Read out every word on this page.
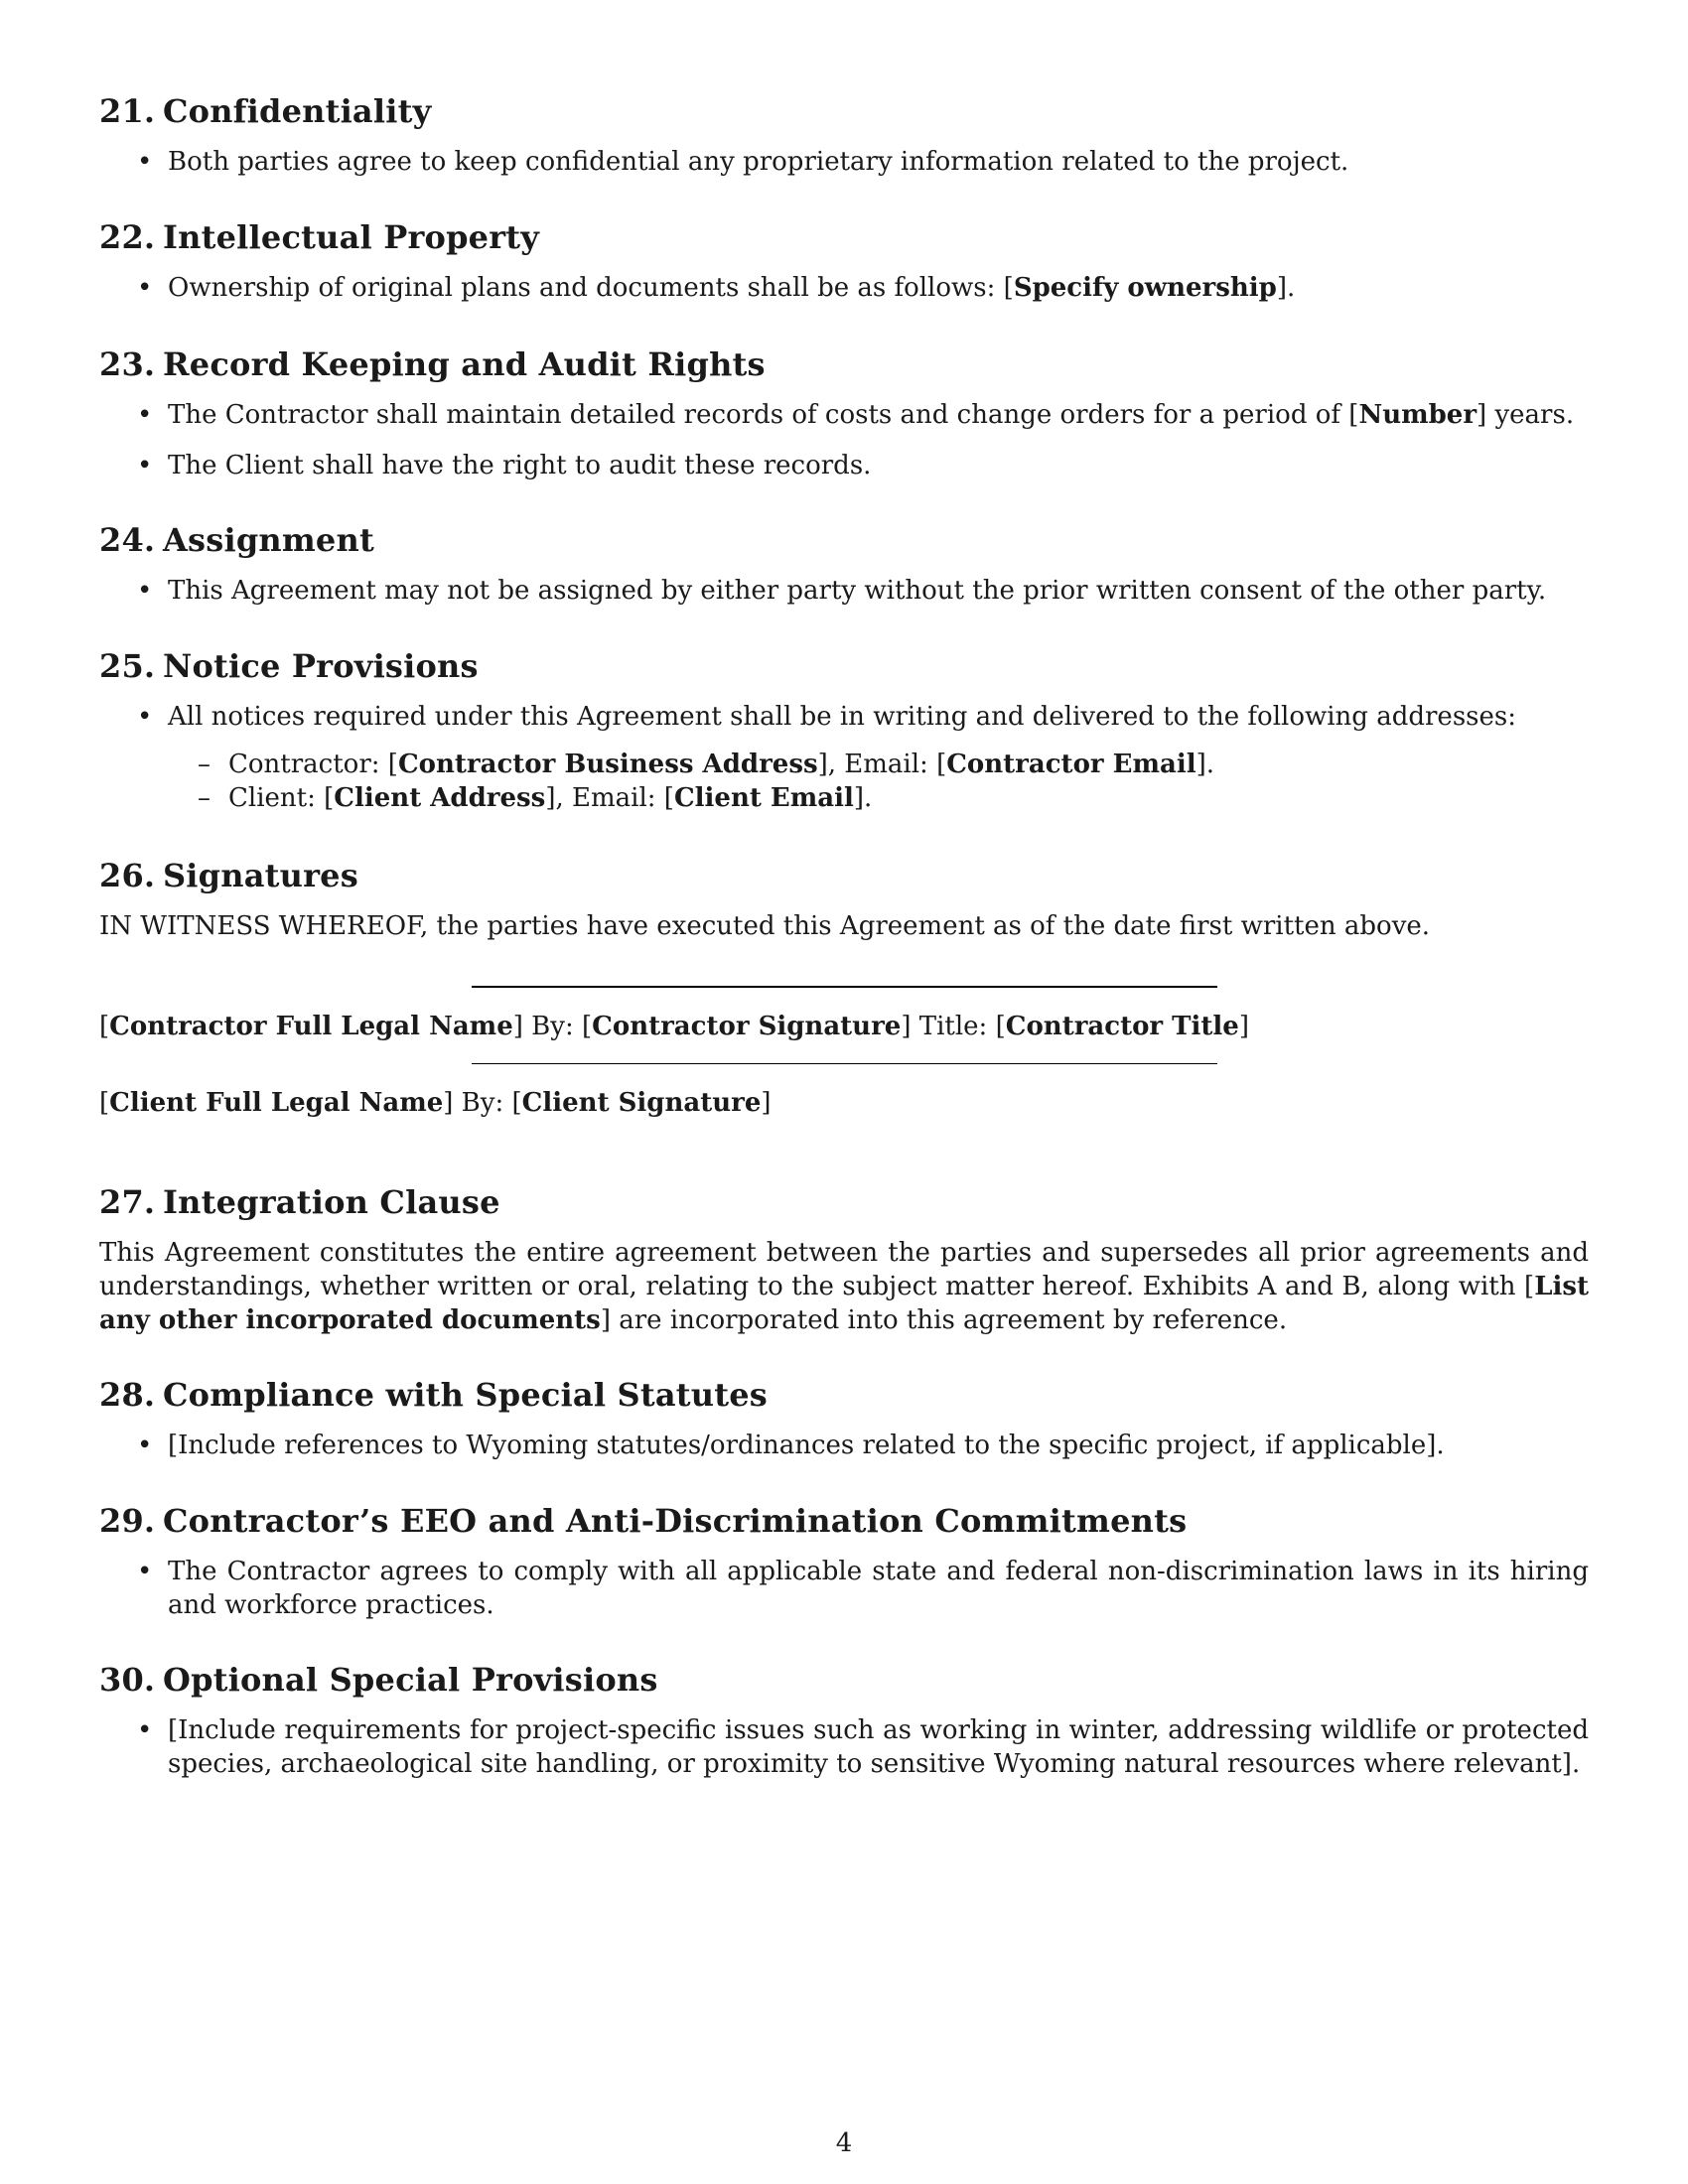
21. Confidentiality
• Both parties agree to keep confidential any proprietary information related to the project.
22. Intellectual Property
• Ownership of original plans and documents shall be as follows: [Specify ownership].
23. Record Keeping and Audit Rights
• The Contractor shall maintain detailed records of costs and change orders for a period of [Number] years.
• The Client shall have the right to audit these records.
24. Assignment
• This Agreement may not be assigned by either party without the prior written consent of the other party.
25. Notice Provisions
• All notices required under this Agreement shall be in writing and delivered to the following addresses:
– Contractor: [Contractor Business Address], Email: [Contractor Email].
– Client: [Client Address], Email: [Client Email].
26. Signatures

IN WITNESS WHEREOF, the parties have executed this Agreement as of the date first written above.

[Contractor Full Legal Name] By: [Contractor Signature] Title: [Contractor Title]

[Client Full Legal Name] By: [Client Signature]

27. Integration Clause

This Agreement constitutes the entire agreement between the parties and supersedes all prior agreements and understandings, whether written or oral, relating to the subject matter hereof. Exhibits A and B, along with [List any other incorporated documents] are incorporated into this agreement by reference.

28. Compliance with Special Statutes
• [Include references to Wyoming statutes/ordinances related to the specific project, if applicable].
29. Contractor’s EEO and Anti-Discrimination Commitments
• The Contractor agrees to comply with all applicable state and federal non-discrimination laws in its hiring and workforce practices.
30. Optional Special Provisions
• [Include requirements for project-specific issues such as working in winter, addressing wildlife or protected species, archaeological site handling, or proximity to sensitive Wyoming natural resources where relevant].
4
